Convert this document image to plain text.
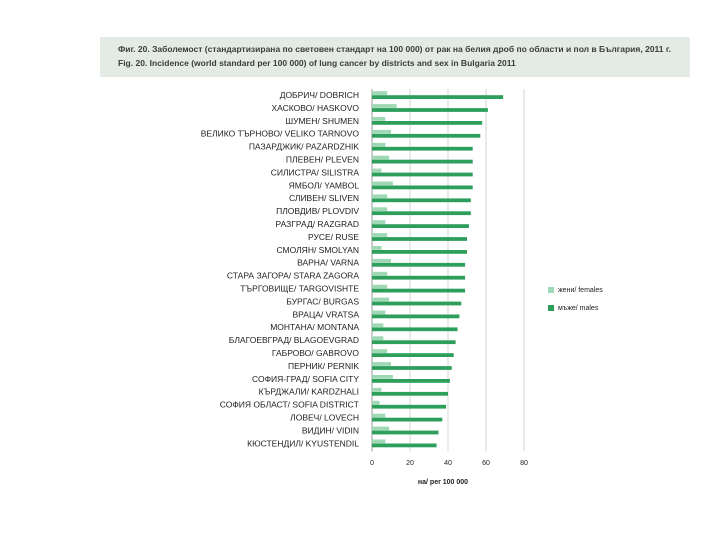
Фиг. 20. Заболемост (стандартизирана по световен стандарт на 100 000) от рак на белия дроб по области и пол в България, 2011 г.
Fig. 20. Incidence (world standard per 100 000) of lung cancer by districts and sex in Bulgaria 2011
0	20	40	60	80
ДОБРИЧ/ DOBRICH
ХАСКОВО/ HASKOVO
ШУМЕН/ SHUMEN
ВЕЛИКО ТЪРНОВО/ VELIKO TARNOVO
ПАЗАРДЖИК/ PAZARDZHIK
ПЛЕВЕН/ PLEVEN
СИЛИСТРА/ SILISTRA
ЯМБОЛ/ YAMBOL
СЛИВЕН/ SLIVEN
ПЛОВДИВ/ PLOVDIV
РАЗГРАД/ RAZGRAD
РУСЕ/ RUSE
СМОЛЯН/ SMOLYAN
ВАРНА/ VARNA
СТАРА ЗАГОРА/ STARA ZAGORA
ТЪРГОВИЩЕ/ TARGOVISHTE
БУРГАС/ BURGAS
ВРАЦА/ VRATSA
МОНТАНА/ MONTANA
БЛАГОЕВГРАД/ BLAGOEVGRAD
ГАБРОВО/ GABROVO
ПЕРНИК/ PERNIK
СОФИЯ-ГРАД/ SOFIA CITY
КЪРДЖАЛИ/ KARDZHALI
СОФИЯ ОБЛАСТ/ SOFIA DISTRICT
ЛОВЕЧ/ LOVECH
ВИДИН/ VIDIN
КЮСТЕНДИЛ/ KYUSTENDIL
на/ per 100 000
жени/ females
мъже/ males
